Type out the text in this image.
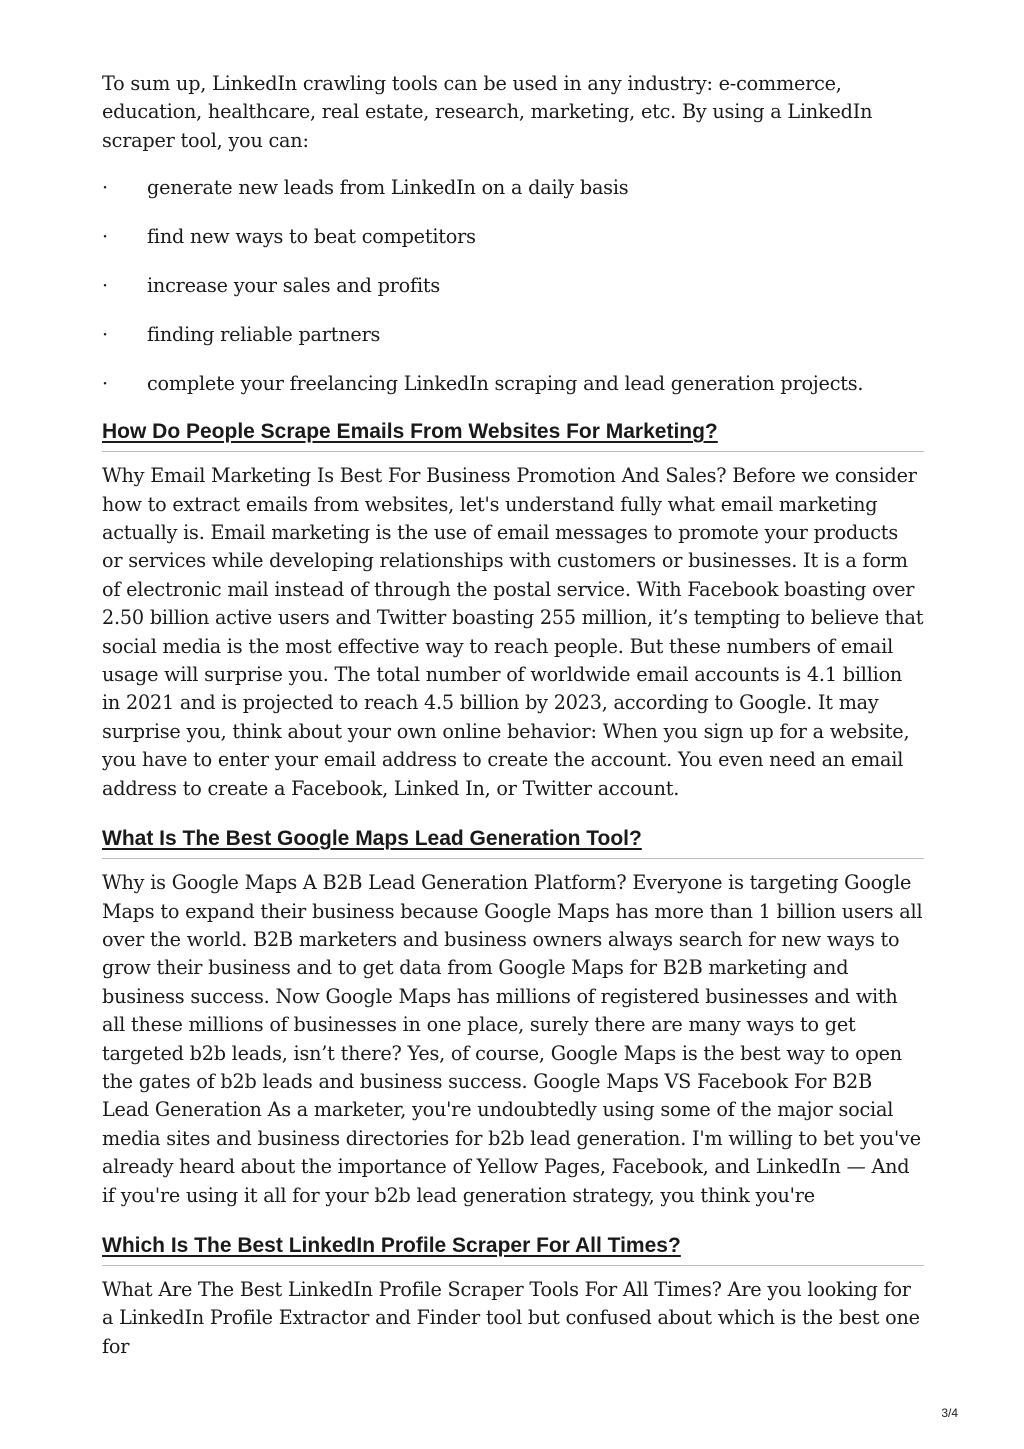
To sum up, LinkedIn crawling tools can be used in any industry: e-commerce, education, healthcare, real estate, research, marketing, etc. By using a LinkedIn scraper tool, you can:

· generate new leads from LinkedIn on a daily basis
· find new ways to beat competitors
· increase your sales and profits
· finding reliable partners
· complete your freelancing LinkedIn scraping and lead generation projects.
How Do People Scrape Emails From Websites For Marketing?

Why Email Marketing Is Best For Business Promotion And Sales? Before we consider how to extract emails from websites, let's understand fully what email marketing actually is. Email marketing is the use of email messages to promote your products or services while developing relationships with customers or businesses. It is a form of electronic mail instead of through the postal service. With Facebook boasting over 2.50 billion active users and Twitter boasting 255 million, it’s tempting to believe that social media is the most effective way to reach people. But these numbers of email usage will surprise you. The total number of worldwide email accounts is 4.1 billion in 2021 and is projected to reach 4.5 billion by 2023, according to Google. It may surprise you, think about your own online behavior: When you sign up for a website, you have to enter your email address to create the account. You even need an email address to create a Facebook, Linked In, or Twitter account.

What Is The Best Google Maps Lead Generation Tool?

Why is Google Maps A B2B Lead Generation Platform? Everyone is targeting Google Maps to expand their business because Google Maps has more than 1 billion users all over the world. B2B marketers and business owners always search for new ways to grow their business and to get data from Google Maps for B2B marketing and business success. Now Google Maps has millions of registered businesses and with all these millions of businesses in one place, surely there are many ways to get targeted b2b leads, isn’t there? Yes, of course, Google Maps is the best way to open the gates of b2b leads and business success. Google Maps VS Facebook For B2B Lead Generation As a marketer, you're undoubtedly using some of the major social media sites and business directories for b2b lead generation. I'm willing to bet you've already heard about the importance of Yellow Pages, Facebook, and LinkedIn — And if you're using it all for your b2b lead generation strategy, you think you're

Which Is The Best LinkedIn Profile Scraper For All Times?

What Are The Best LinkedIn Profile Scraper Tools For All Times? Are you looking for a LinkedIn Profile Extractor and Finder tool but confused about which is the best one for

3/4
